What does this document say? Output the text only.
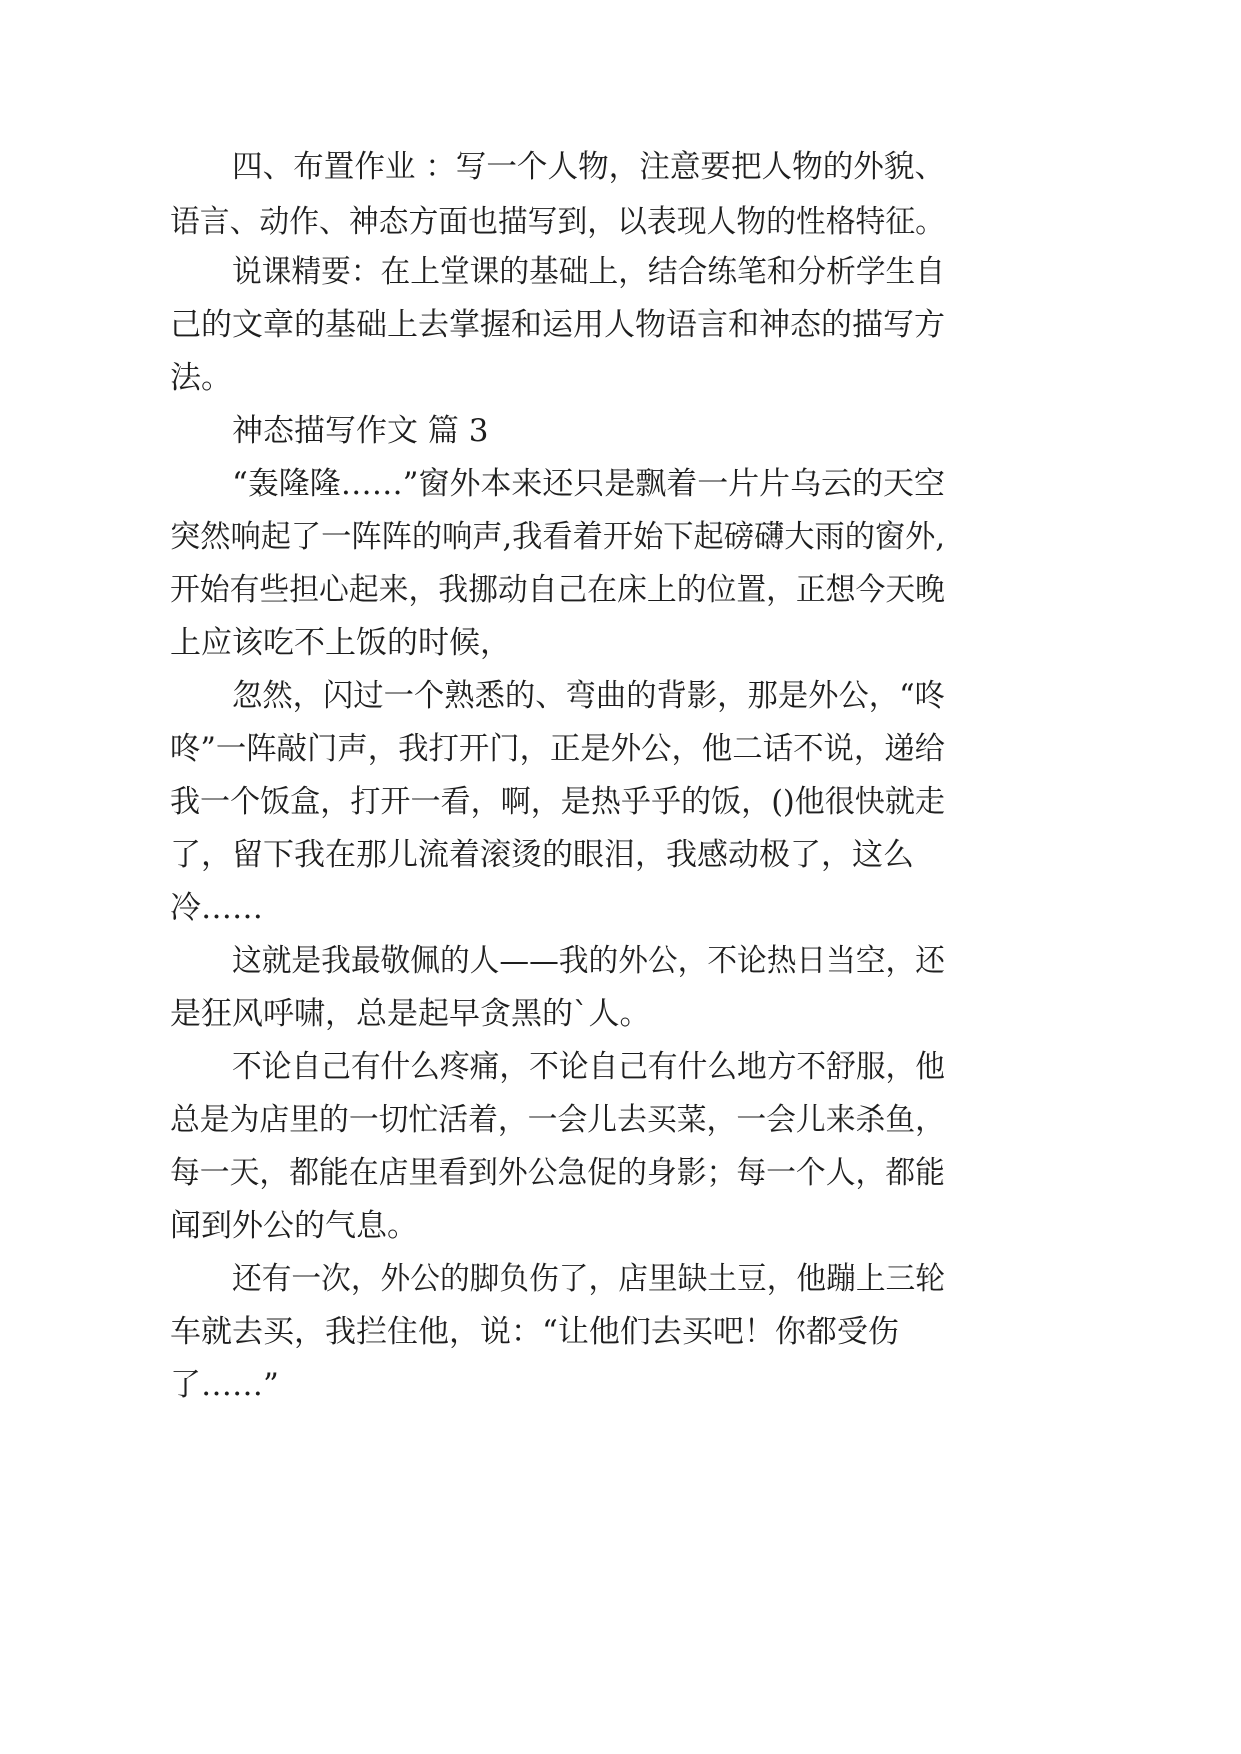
四、布置作业 ：写一个人物，注意要把人物的外貌、
语言、动作、神态方面也描写到，以表现人物的性格特征。
说课精要：在上堂课的基础上，结合练笔和分析学生自
己的文章的基础上去掌握和运用人物语言和神态的描写方
法。
神态描写作文 篇 3
“轰隆隆……”窗外本来还只是飘着一片片乌云的天空
突然响起了一阵阵的响声,我看着开始下起磅礴大雨的窗外,
开始有些担心起来，我挪动自己在床上的位置，正想今天晚
上应该吃不上饭的时候，
忽然，闪过一个熟悉的、弯曲的背影，那是外公，“咚
咚”一阵敲门声，我打开门，正是外公，他二话不说，递给
我一个饭盒，打开一看，啊，是热乎乎的饭，()他很快就走
了，留下我在那儿流着滚烫的眼泪，我感动极了，这么
冷……
这就是我最敬佩的人——我的外公，不论热日当空，还
是狂风呼啸，总是起早贪黑的`人。
不论自己有什么疼痛，不论自己有什么地方不舒服，他
总是为店里的一切忙活着，一会儿去买菜，一会儿来杀鱼，
每一天，都能在店里看到外公急促的身影；每一个人，都能
闻到外公的气息。
还有一次，外公的脚负伤了，店里缺土豆，他蹦上三轮
车就去买，我拦住他，说：“让他们去买吧！你都受伤
了……”
